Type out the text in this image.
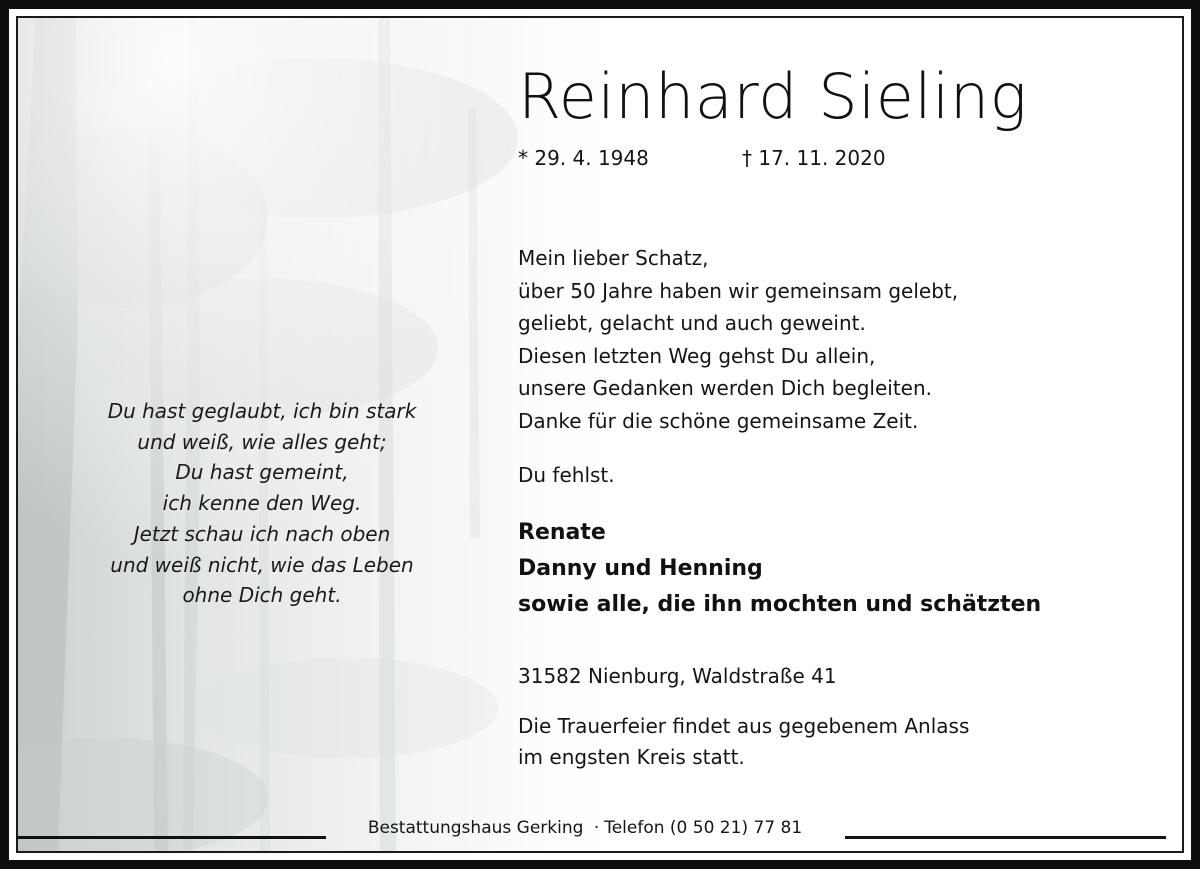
Reinhard Sieling
* 29. 4. 1948	† 17. 11. 2020
Mein lieber Schatz,
über 50 Jahre haben wir gemeinsam gelebt,
geliebt, gelacht und auch geweint.
Diesen letzten Weg gehst Du allein,
unsere Gedanken werden Dich begleiten.
Danke für die schöne gemeinsame Zeit.
Du fehlst.
Renate
Danny und Henning
sowie alle, die ihn mochten und schätzten
31582 Nienburg, Waldstraße 41
Die Trauerfeier findet aus gegebenem Anlass
im engsten Kreis statt.
Du hast geglaubt, ich bin stark
und weiß, wie alles geht;
Du hast gemeint,
ich kenne den Weg.
Jetzt schau ich nach oben
und weiß nicht, wie das Leben
ohne Dich geht.
Bestattungshaus Gerking · Telefon (0 50 21) 77 81
